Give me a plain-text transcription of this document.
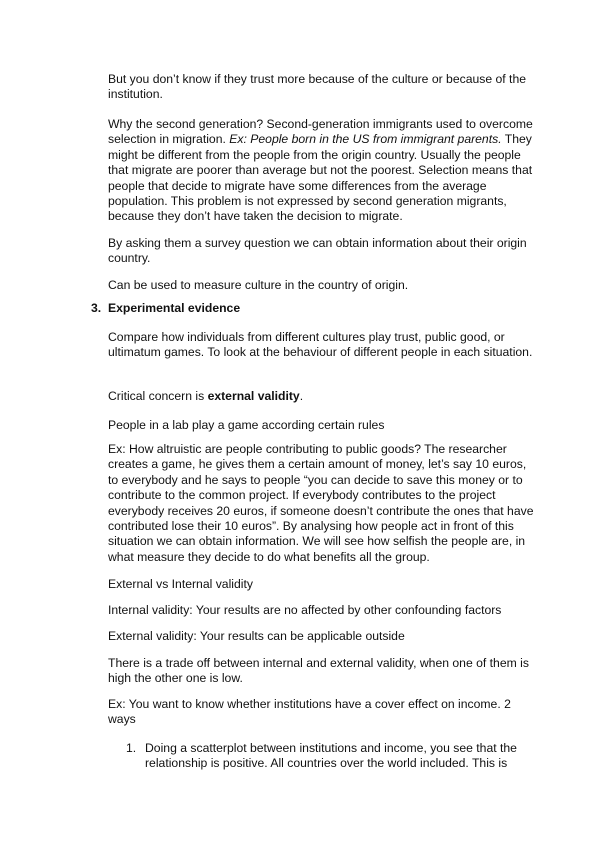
But you don’t know if they trust more because of the culture or because of the institution.

Why the second generation? Second-generation immigrants used to overcome selection in migration. Ex: People born in the US from immigrant parents. They might be different from the people from the origin country. Usually the people that migrate are poorer than average but not the poorest. Selection means that people that decide to migrate have some differences from the average population. This problem is not expressed by second generation migrants, because they don’t have taken the decision to migrate.

By asking them a survey question we can obtain information about their origin country.

Can be used to measure culture in the country of origin.

3. Experimental evidence

Compare how individuals from different cultures play trust, public good, or ultimatum games. To look at the behaviour of different people in each situation.

Critical concern is external validity.

People in a lab play a game according certain rules

Ex: How altruistic are people contributing to public goods? The researcher creates a game, he gives them a certain amount of money, let’s say 10 euros, to everybody and he says to people “you can decide to save this money or to contribute to the common project. If everybody contributes to the project everybody receives 20 euros, if someone doesn’t contribute the ones that have contributed lose their 10 euros”. By analysing how people act in front of this situation we can obtain information. We will see how selfish the people are, in what measure they decide to do what benefits all the group.

External vs Internal validity

Internal validity: Your results are no affected by other confounding factors

External validity: Your results can be applicable outside

There is a trade off between internal and external validity, when one of them is high the other one is low.

Ex: You want to know whether institutions have a cover effect on income. 2 ways

1. Doing a scatterplot between institutions and income, you see that the relationship is positive. All countries over the world included. This is
